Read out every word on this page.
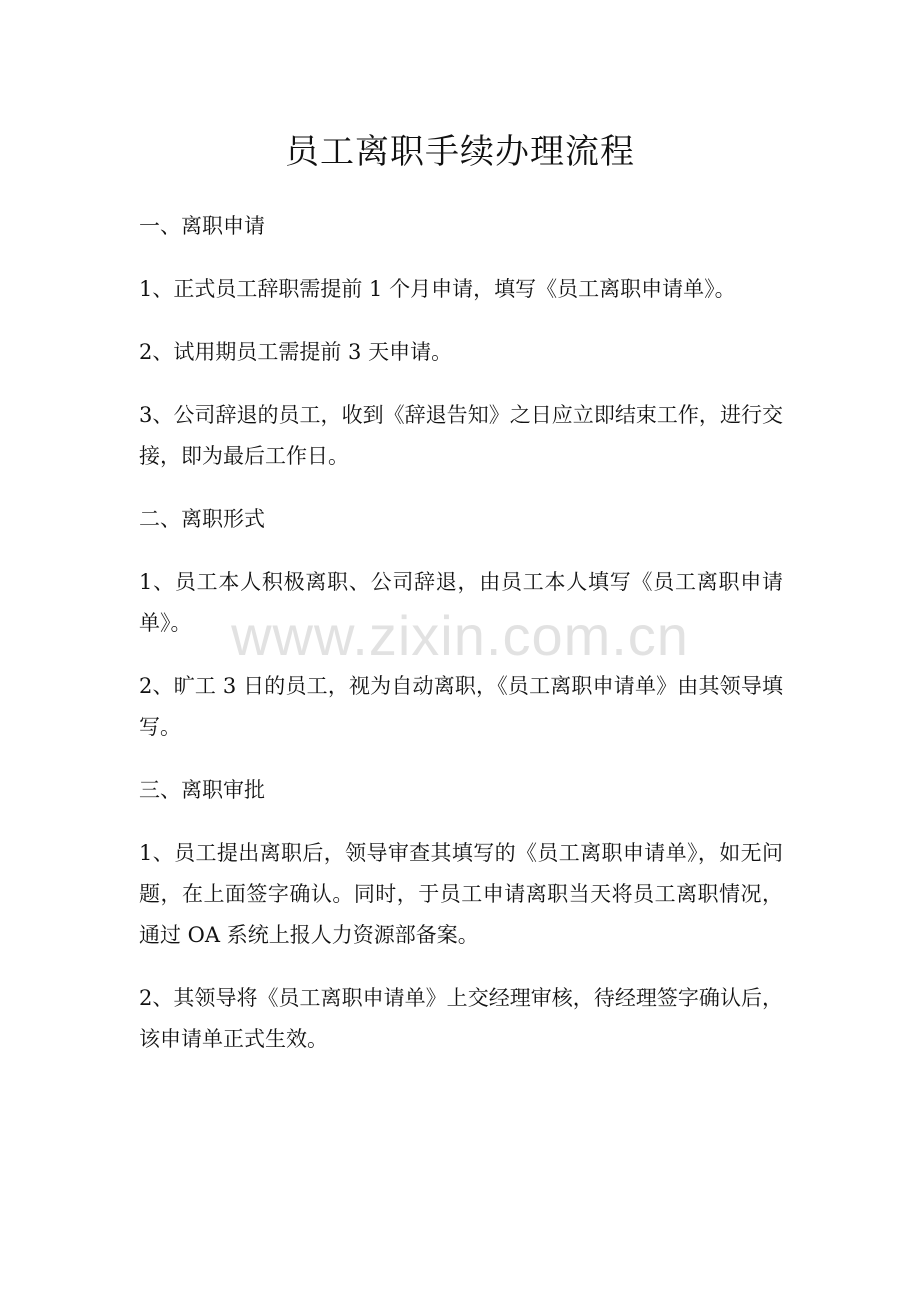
员工离职手续办理流程

一、离职申请

1、正式员工辞职需提前 1 个月申请，填写《员工离职申请单》。

2、试用期员工需提前 3 天申请。

3、公司辞退的员工，收到《辞退告知》之日应立即结束工作，进行交接，即为最后工作日。

二、离职形式

1、员工本人积极离职、公司辞退，由员工本人填写《员工离职申请单》。

2、旷工 3 日的员工，视为自动离职，《员工离职申请单》由其领导填写。

三、离职审批

1、员工提出离职后，领导审查其填写的《员工离职申请单》，如无问题，在上面签字确认。同时，于员工申请离职当天将员工离职情况，通过 OA 系统上报人力资源部备案。

2、其领导将《员工离职申请单》上交经理审核，待经理签字确认后，该申请单正式生效。

www.zixin.com.cn
